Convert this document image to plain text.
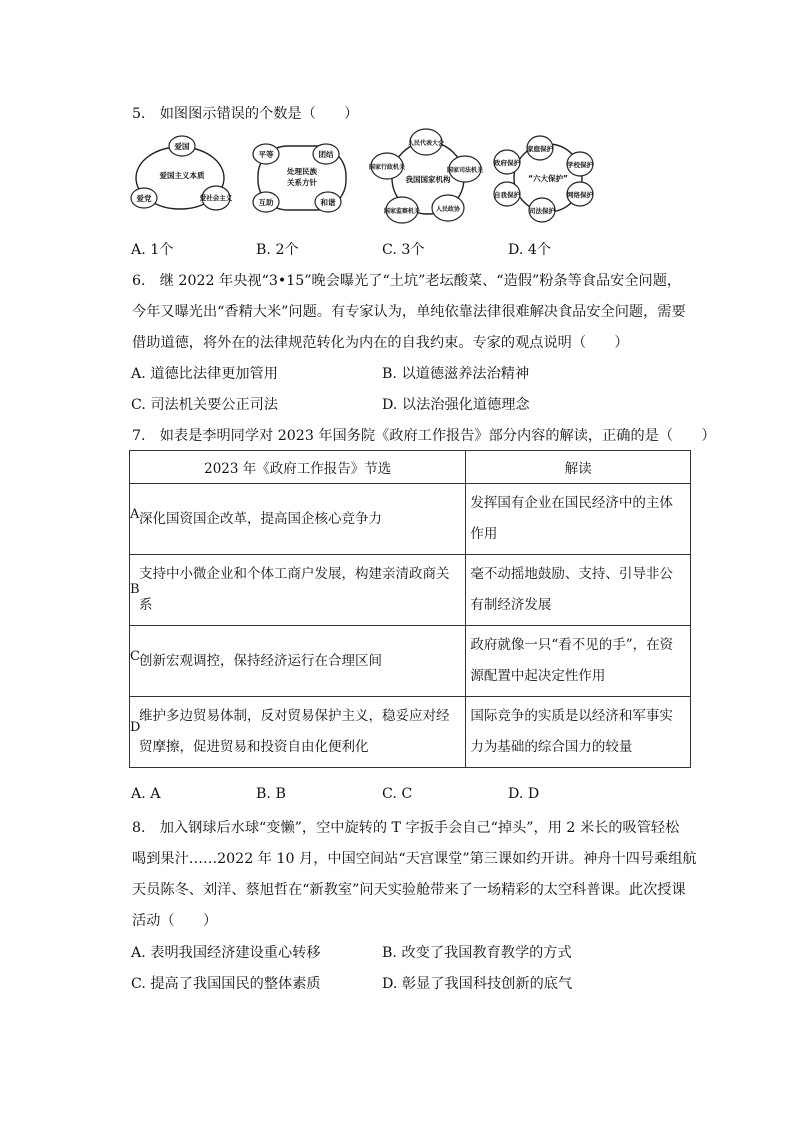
5.　如图图示错误的个数是（　　）
爱国主义本质
爱国
爱社会主义
爱党
处理民族
关系方针
平等	团结
和谐
互助
我国国家机构
人民代表大会
国家司法机关
人民政协
国家监察机关
国家行政机关
“六大保护”
家庭保护
学校保护
网络保护
司法保护
自我保护
政府保护
A. 1个	B. 2个	C. 3个	D. 4个
6.　继 2022 年央视“3•15”晚会曝光了“土坑”老坛酸菜、“造假”粉条等食品安全问题，
今年又曝光出“香精大米”问题。有专家认为，单纯依靠法律很难解决食品安全问题，需要
借助道德，将外在的法律规范转化为内在的自我约束。专家的观点说明（　　）
A. 道德比法律更加管用	B. 以道德滋养法治精神
C. 司法机关要公正司法	D. 以法治强化道德理念
7.　如表是李明同学对 2023 年国务院《政府工作报告》部分内容的解读，正确的是（　　）
2023 年《政府工作报告》节选	解读

A 深化国资国企改革，提高国企核心竞争力	发挥国有企业在国民经济中的主体作用

B
支持中小微企业和个体工商户发展，构建亲清政商关系	毫不动摇地鼓励、支持、引导非公有制经济发展

C 创新宏观调控，保持经济运行在合理区间	政府就像一只“看不见的手”，在资源配置中起决定性作用

D
维护多边贸易体制，反对贸易保护主义，稳妥应对经贸摩擦，促进贸易和投资自由化便利化	国际竞争的实质是以经济和军事实力为基础的综合国力的较量
A. A	B. B	C. C	D. D
8.　加入钢球后水球“变懒”，空中旋转的 T 字扳手会自己“掉头”，用 2 米长的吸管轻松
喝到果汁……2022 年 10 月，中国空间站“天宫课堂”第三课如约开讲。神舟十四号乘组航
天员陈冬、刘洋、蔡旭哲在“新教室”问天实验舱带来了一场精彩的太空科普课。此次授课
活动（　　）
A. 表明我国经济建设重心转移	B. 改变了我国教育教学的方式
C. 提高了我国国民的整体素质	D. 彰显了我国科技创新的底气
